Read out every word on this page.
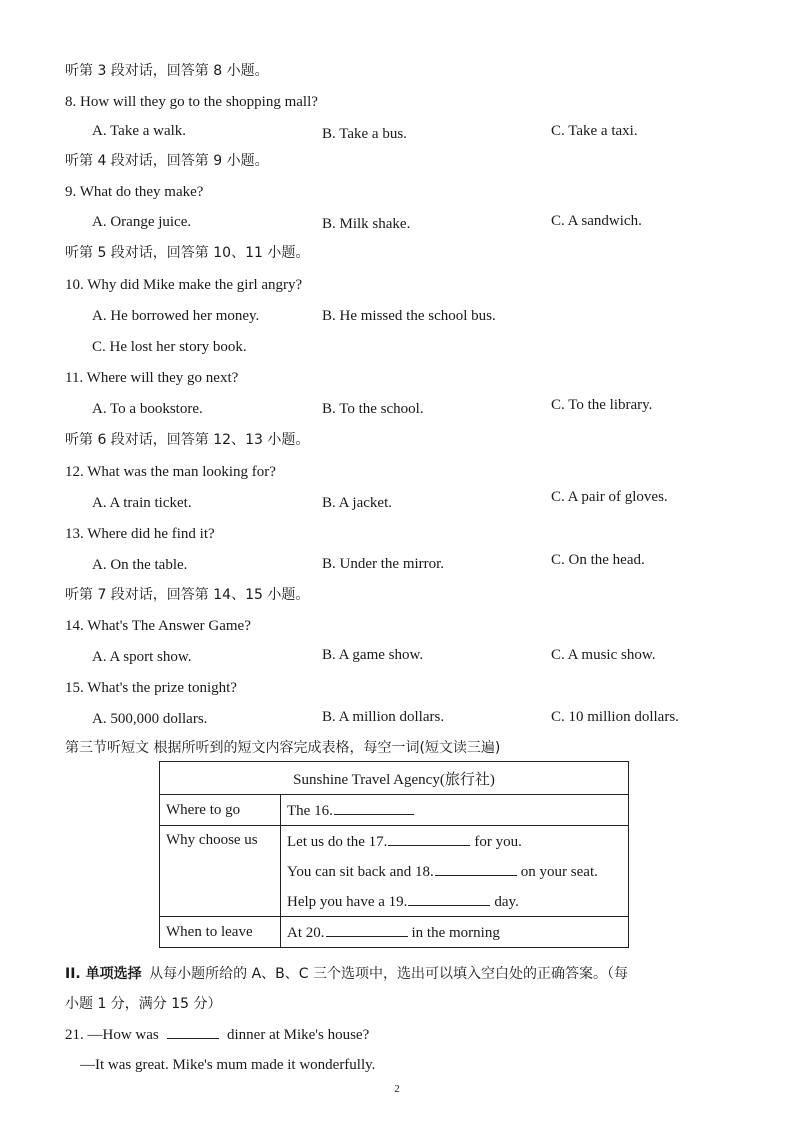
听第 3 段对话，回答第 8 小题。
8. How will they go to the shopping mall?
A. Take a walk.	B. Take a bus.	C. Take a taxi.
听第 4 段对话，回答第 9 小题。
9. What do they make?
A. Orange juice.	B. Milk shake.	C. A sandwich.
听第 5 段对话，回答第 10、11 小题。
10. Why did Mike make the girl angry?
A. He borrowed her money.	B. He missed the school bus.
C. He lost her story book.
11. Where will they go next?
A. To a bookstore.	B. To the school.	C. To the library.
听第 6 段对话，回答第 12、13 小题。
12. What was the man looking for?
A. A train ticket.	B. A jacket.	C. A pair of gloves.
13. Where did he find it?
A. On the table.	B. Under the mirror.	C. On the head.
听第 7 段对话，回答第 14、15 小题。
14. What's The Answer Game?
A. A sport show.	B. A game show.	C. A music show.
15. What's the prize tonight?
A. 500,000 dollars.	B. A million dollars.	C. 10 million dollars.
第三节听短文 根据所听到的短文内容完成表格，每空一词(短文读三遍)
Sunshine Travel Agency(旅行社)	
Where to go	The 16.
Why choose us	Let us do the 17. for you.
	You can sit back and 18. on your seat.
	Help you have a 19. day.
When to leave	At 20. in the morning
II. 单项选择 从每小题所给的 A、B、C 三个选项中，选出可以填入空白处的正确答案。（每
小题 1 分，满分 15 分）
21. —How was	dinner at Mike's house?
—It was great. Mike's mum made it wonderfully.
2
